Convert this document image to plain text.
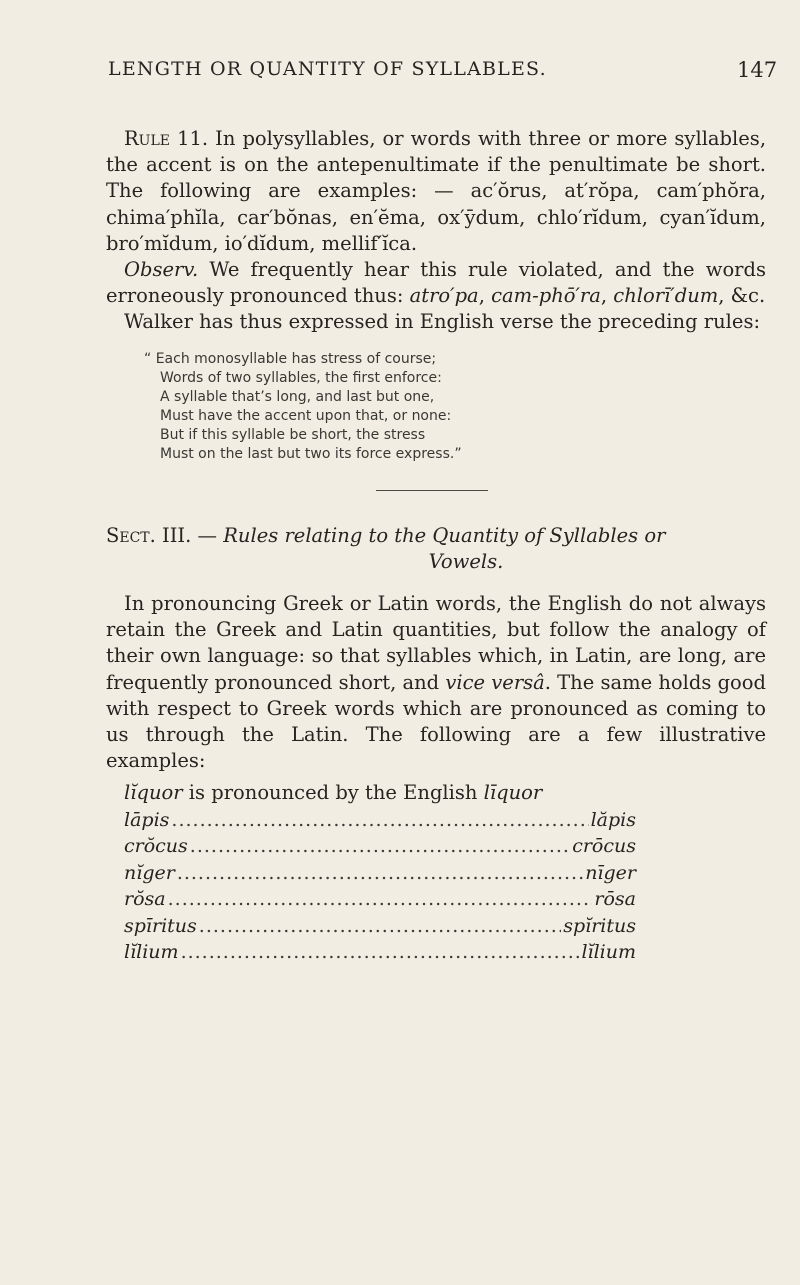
LENGTH OR QUANTITY OF SYLLABLES.	147

Rule 11. In polysyllables, or words with three or more syllables, the accent is on the antepenultimate if the penultimate be short. The following are examples: — ac′ŏrus, at′rŏpa, cam′phŏra, chima′phĭla, car′bŏnas, en′ĕma, ox′ȳdum, chlo′rĭdum, cyan′ĭdum, bro′mĭdum, io′dĭdum, mellif′ĭca.

Observ. We frequently hear this rule violated, and the words erroneously pronounced thus: atro′pa, cam-phō′ra, chlorī′dum, &c.

Walker has thus expressed in English verse the preceding rules:

“ Each monosyllable has stress of course;
Words of two syllables, the first enforce:
A syllable that’s long, and last but one,
Must have the accent upon that, or none:
But if this syllable be short, the stress
Must on the last but two its force express.”

Sect. III. — Rules relating to the Quantity of Syllables or

Vowels.

In pronouncing Greek or Latin words, the English do not always retain the Greek and Latin quantities, but follow the analogy of their own language: so that syllables which, in Latin, are long, are frequently pronounced short, and vice versâ. The same holds good with respect to Greek words which are pronounced as coming to us through the Latin. The following are a few illustrative examples:

lĭquor is pronounced by the English līquor

lāpis .....	lăpis
crŏcus .....	crōcus
nĭger .....	nīger
rŏsa .....	rōsa
spīritus .....	spĭritus
lĭlium .....	lĭlium
